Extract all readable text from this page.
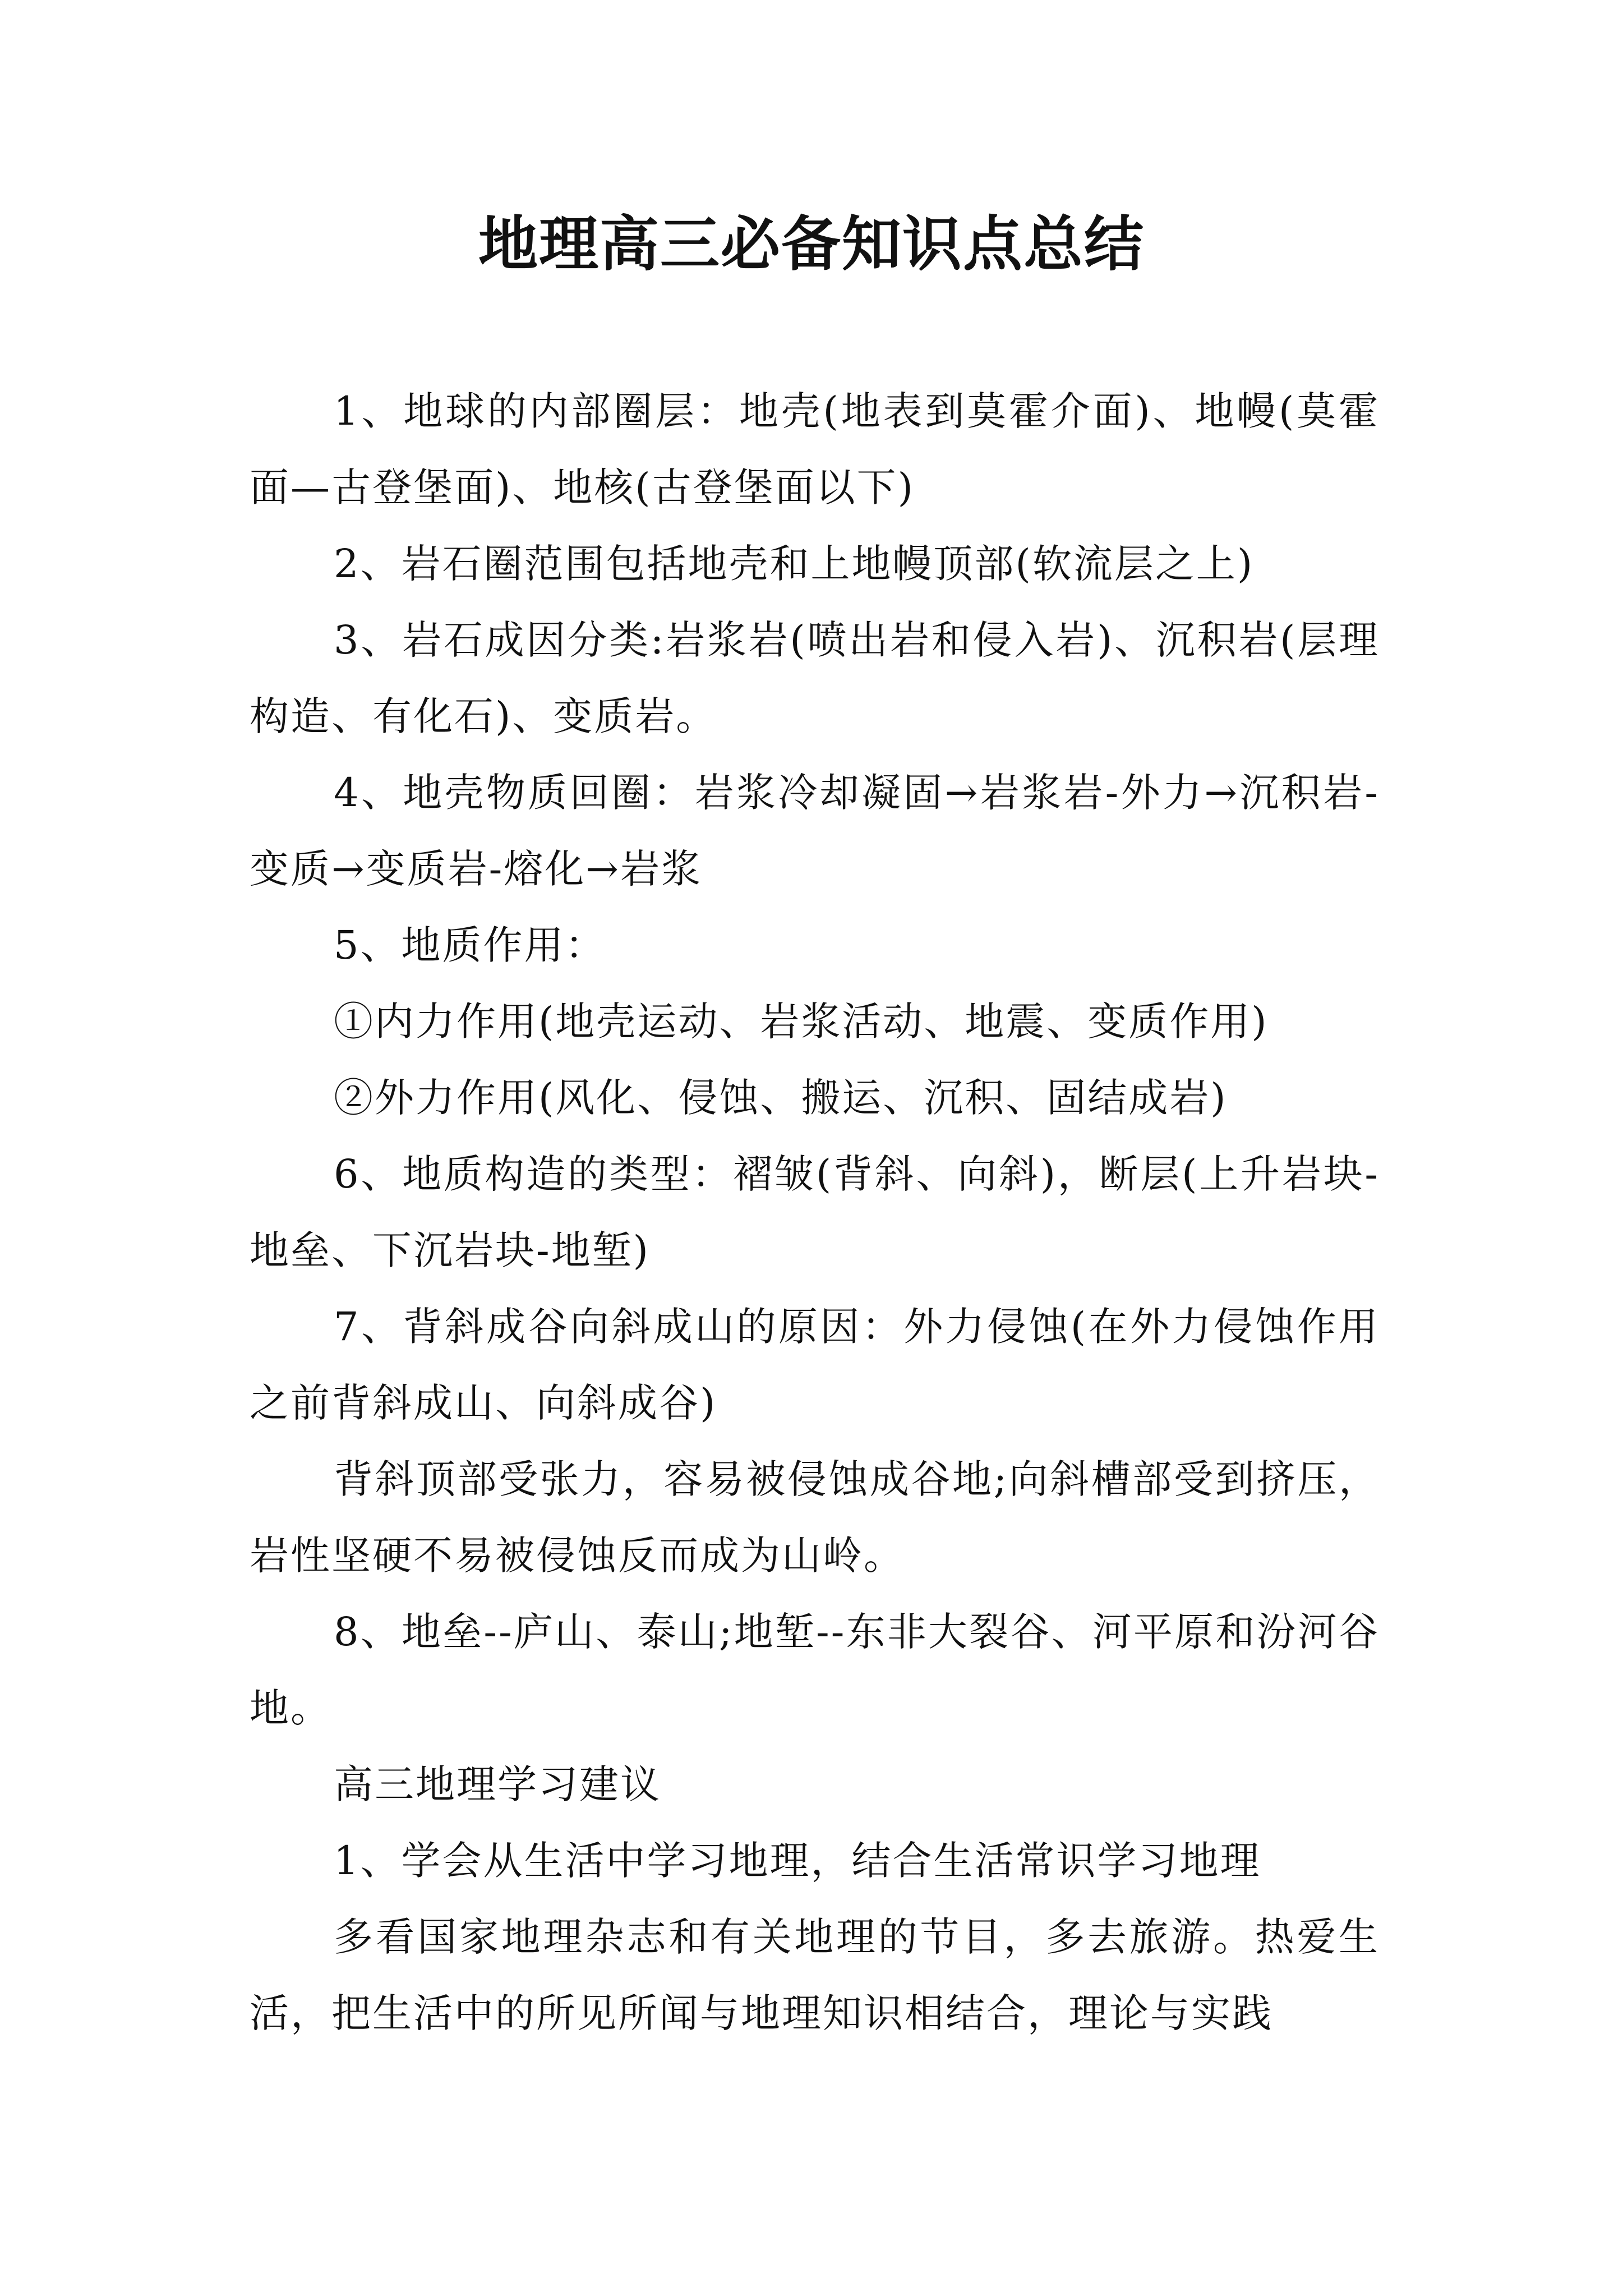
地理高三必备知识点总结

1、地球的内部圈层：地壳(地表到莫霍介面)、地幔(莫霍面—古登堡面)、地核(古登堡面以下)

2、岩石圈范围包括地壳和上地幔顶部(软流层之上)

3、岩石成因分类:岩浆岩(喷出岩和侵入岩)、沉积岩(层理构造、有化石)、变质岩。

4、地壳物质回圈：岩浆冷却凝固→岩浆岩-外力→沉积岩-变质→变质岩-熔化→岩浆

5、地质作用：

①内力作用(地壳运动、岩浆活动、地震、变质作用)

②外力作用(风化、侵蚀、搬运、沉积、固结成岩)

6、地质构造的类型：褶皱(背斜、向斜)，断层(上升岩块-地垒、下沉岩块-地堑)

7、背斜成谷向斜成山的原因：外力侵蚀(在外力侵蚀作用之前背斜成山、向斜成谷)

背斜顶部受张力，容易被侵蚀成谷地;向斜槽部受到挤压，岩性坚硬不易被侵蚀反而成为山岭。

8、地垒--庐山、泰山;地堑--东非大裂谷、河平原和汾河谷地。

高三地理学习建议

1、学会从生活中学习地理，结合生活常识学习地理

多看国家地理杂志和有关地理的节目，多去旅游。热爱生活，把生活中的所见所闻与地理知识相结合，理论与实践
